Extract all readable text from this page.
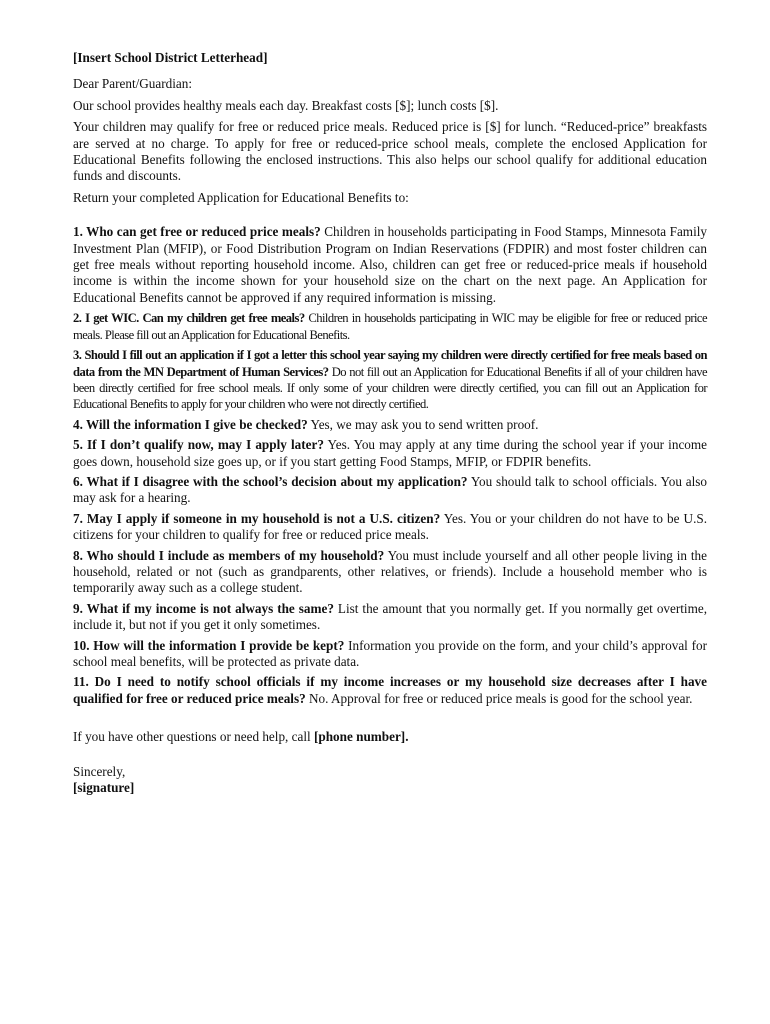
[Insert School District Letterhead]

Dear Parent/Guardian:

Our school provides healthy meals each day. Breakfast costs [$]; lunch costs [$].

Your children may qualify for free or reduced price meals. Reduced price is [$] for lunch. “Reduced-price” breakfasts are served at no charge. To apply for free or reduced-price school meals, complete the enclosed Application for Educational Benefits following the enclosed instructions. This also helps our school qualify for additional education funds and discounts.

Return your completed Application for Educational Benefits to:

1. Who can get free or reduced price meals? Children in households participating in Food Stamps, Minnesota Family Investment Plan (MFIP), or Food Distribution Program on Indian Reservations (FDPIR) and most foster children can get free meals without reporting household income. Also, children can get free or reduced-price meals if household income is within the income shown for your household size on the chart on the next page. An Application for Educational Benefits cannot be approved if any required information is missing.

2. I get WIC. Can my children get free meals? Children in households participating in WIC may be eligible for free or reduced price meals. Please fill out an Application for Educational Benefits.

3. Should I fill out an application if I got a letter this school year saying my children were directly certified for free meals based on data from the MN Department of Human Services? Do not fill out an Application for Educational Benefits if all of your children have been directly certified for free school meals. If only some of your children were directly certified, you can fill out an Application for Educational Benefits to apply for your children who were not directly certified.

4. Will the information I give be checked? Yes, we may ask you to send written proof.

5. If I don’t qualify now, may I apply later? Yes. You may apply at any time during the school year if your income goes down, household size goes up, or if you start getting Food Stamps, MFIP, or FDPIR benefits.

6. What if I disagree with the school’s decision about my application? You should talk to school officials. You also may ask for a hearing.

7. May I apply if someone in my household is not a U.S. citizen? Yes. You or your children do not have to be U.S. citizens for your children to qualify for free or reduced price meals.

8. Who should I include as members of my household? You must include yourself and all other people living in the household, related or not (such as grandparents, other relatives, or friends). Include a household member who is temporarily away such as a college student.

9. What if my income is not always the same? List the amount that you normally get. If you normally get overtime, include it, but not if you get it only sometimes.

10. How will the information I provide be kept? Information you provide on the form, and your child’s approval for school meal benefits, will be protected as private data.

11. Do I need to notify school officials if my income increases or my household size decreases after I have qualified for free or reduced price meals? No. Approval for free or reduced price meals is good for the school year.

If you have other questions or need help, call [phone number].

Sincerely,

[signature]
